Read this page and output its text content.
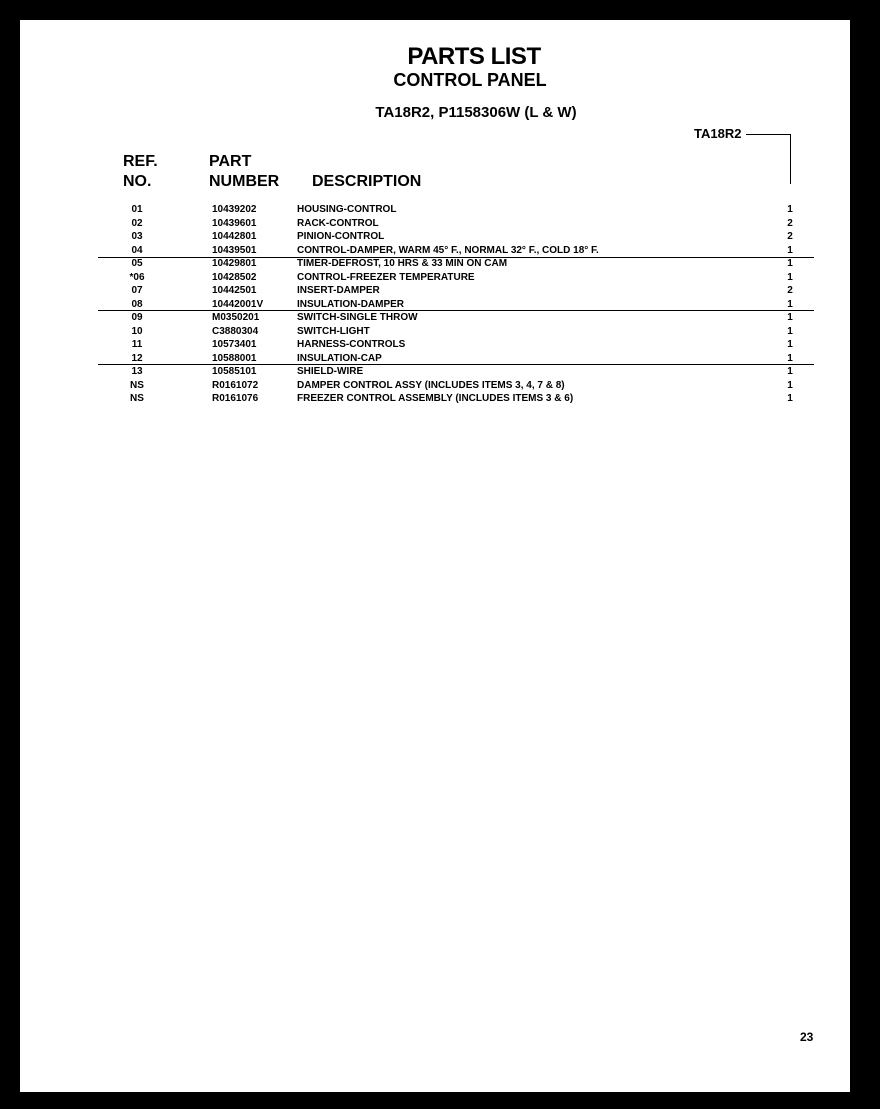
PARTS LIST
CONTROL PANEL
TA18R2, P1158306W (L & W)
TA18R2
REF.
NO.
PART
NUMBER DESCRIPTION
01	10439202	HOUSING-CONTROL	1
02	10439601	RACK-CONTROL	2
03	10442801	PINION-CONTROL	2
04	10439501	CONTROL-DAMPER, WARM 45° F., NORMAL 32° F., COLD 18° F.	1
05	10429801	TIMER-DEFROST, 10 HRS & 33 MIN ON CAM	1
*06	10428502	CONTROL-FREEZER TEMPERATURE	1
07	10442501	INSERT-DAMPER	2
08	10442001V	INSULATION-DAMPER	1
09	M0350201	SWITCH-SINGLE THROW	1
10	C3880304	SWITCH-LIGHT	1
11	10573401	HARNESS-CONTROLS	1
12	10588001	INSULATION-CAP	1
13	10585101	SHIELD-WIRE	1
NS	R0161072	DAMPER CONTROL ASSY (INCLUDES ITEMS 3, 4, 7 & 8)	1
NS	R0161076	FREEZER CONTROL ASSEMBLY (INCLUDES ITEMS 3 & 6)	1
23
